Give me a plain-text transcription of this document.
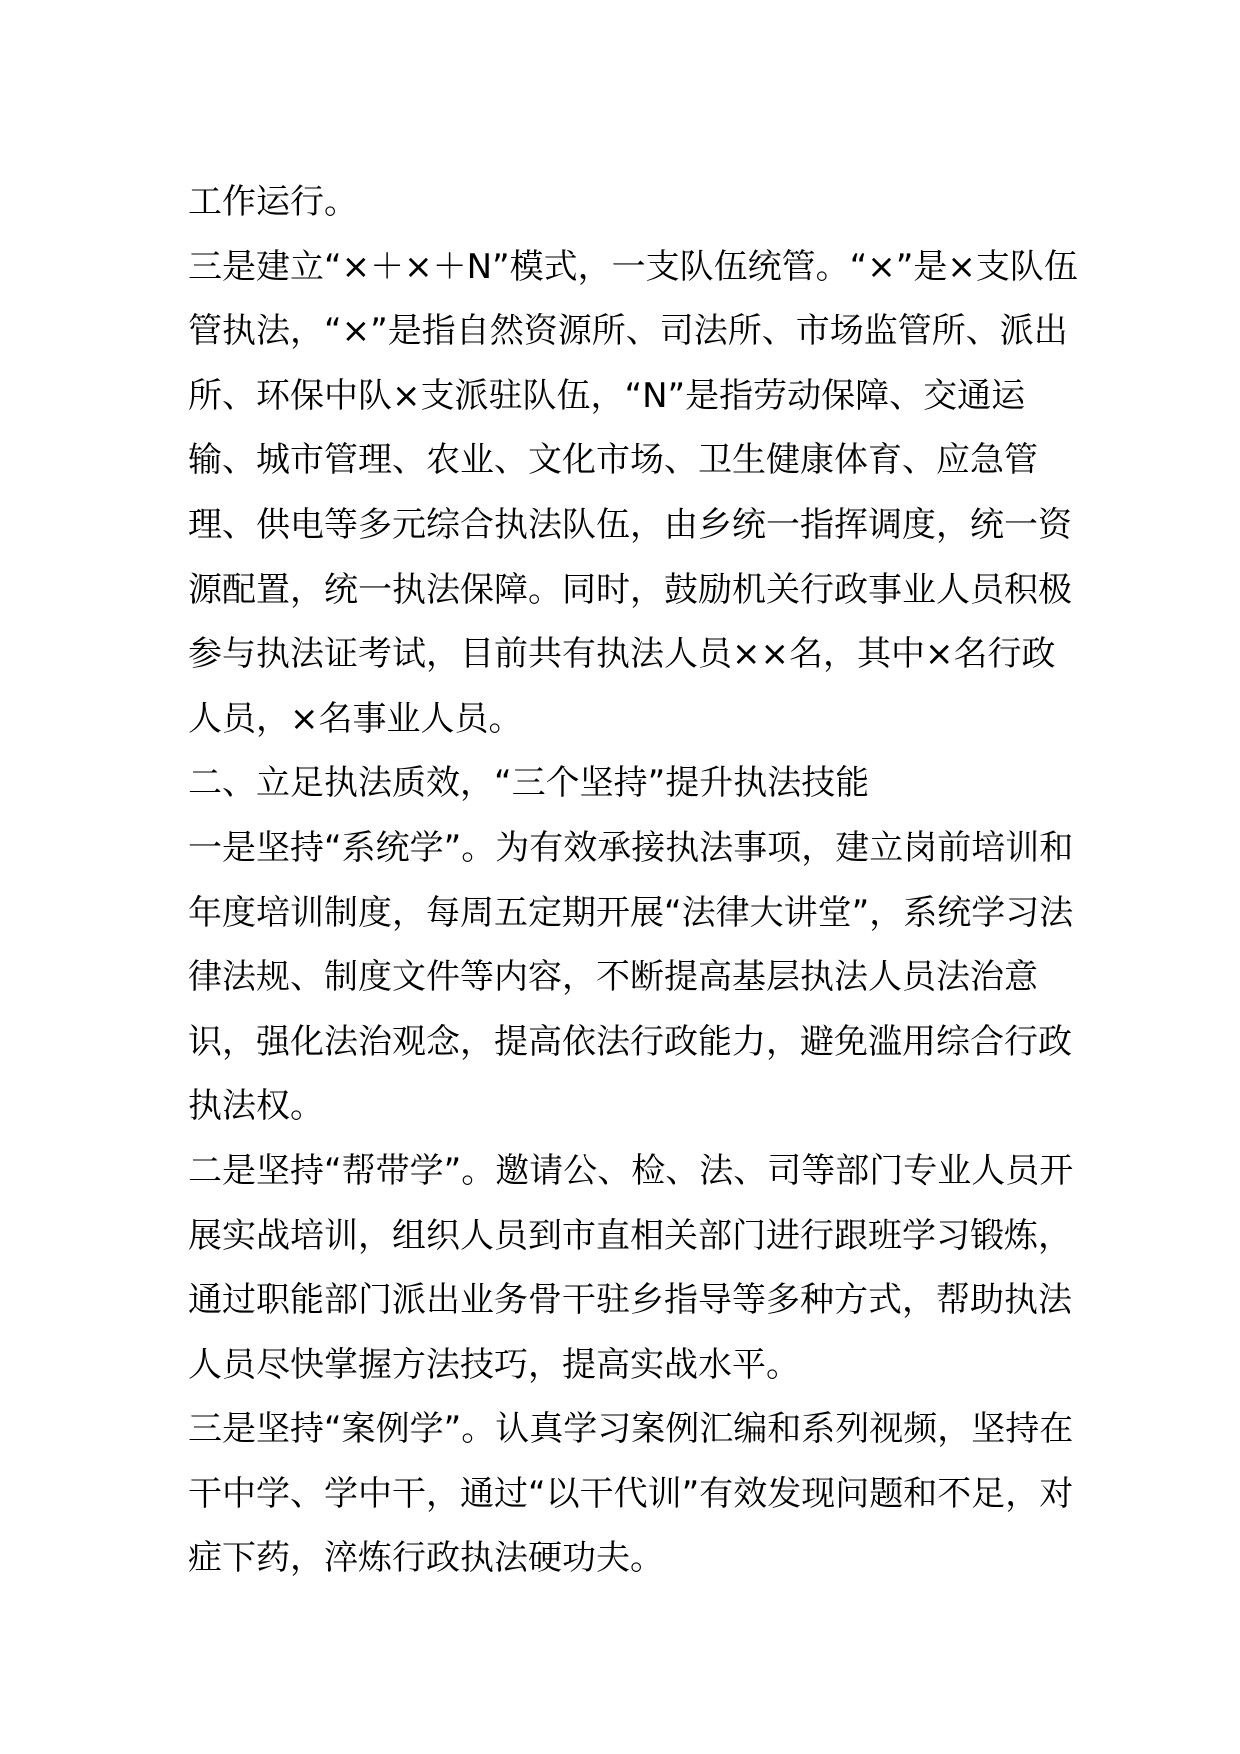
工作运行。

三是建立“×＋×＋N”模式，一支队伍统管。“×”是×支队伍管执法，“×”是指自然资源所、司法所、市场监管所、派出所、环保中队×支派驻队伍，“N”是指劳动保障、交通运输、城市管理、农业、文化市场、卫生健康体育、应急管理、供电等多元综合执法队伍，由乡统一指挥调度，统一资源配置，统一执法保障。同时，鼓励机关行政事业人员积极参与执法证考试，目前共有执法人员××名，其中×名行政人员，×名事业人员。

二、立足执法质效，“三个坚持”提升执法技能

一是坚持“系统学”。为有效承接执法事项，建立岗前培训和年度培训制度，每周五定期开展“法律大讲堂”，系统学习法律法规、制度文件等内容，不断提高基层执法人员法治意识，强化法治观念，提高依法行政能力，避免滥用综合行政执法权。

二是坚持“帮带学”。邀请公、检、法、司等部门专业人员开展实战培训，组织人员到市直相关部门进行跟班学习锻炼，通过职能部门派出业务骨干驻乡指导等多种方式，帮助执法人员尽快掌握方法技巧，提高实战水平。

三是坚持“案例学”。认真学习案例汇编和系列视频，坚持在干中学、学中干，通过“以干代训”有效发现问题和不足，对症下药，淬炼行政执法硬功夫。
